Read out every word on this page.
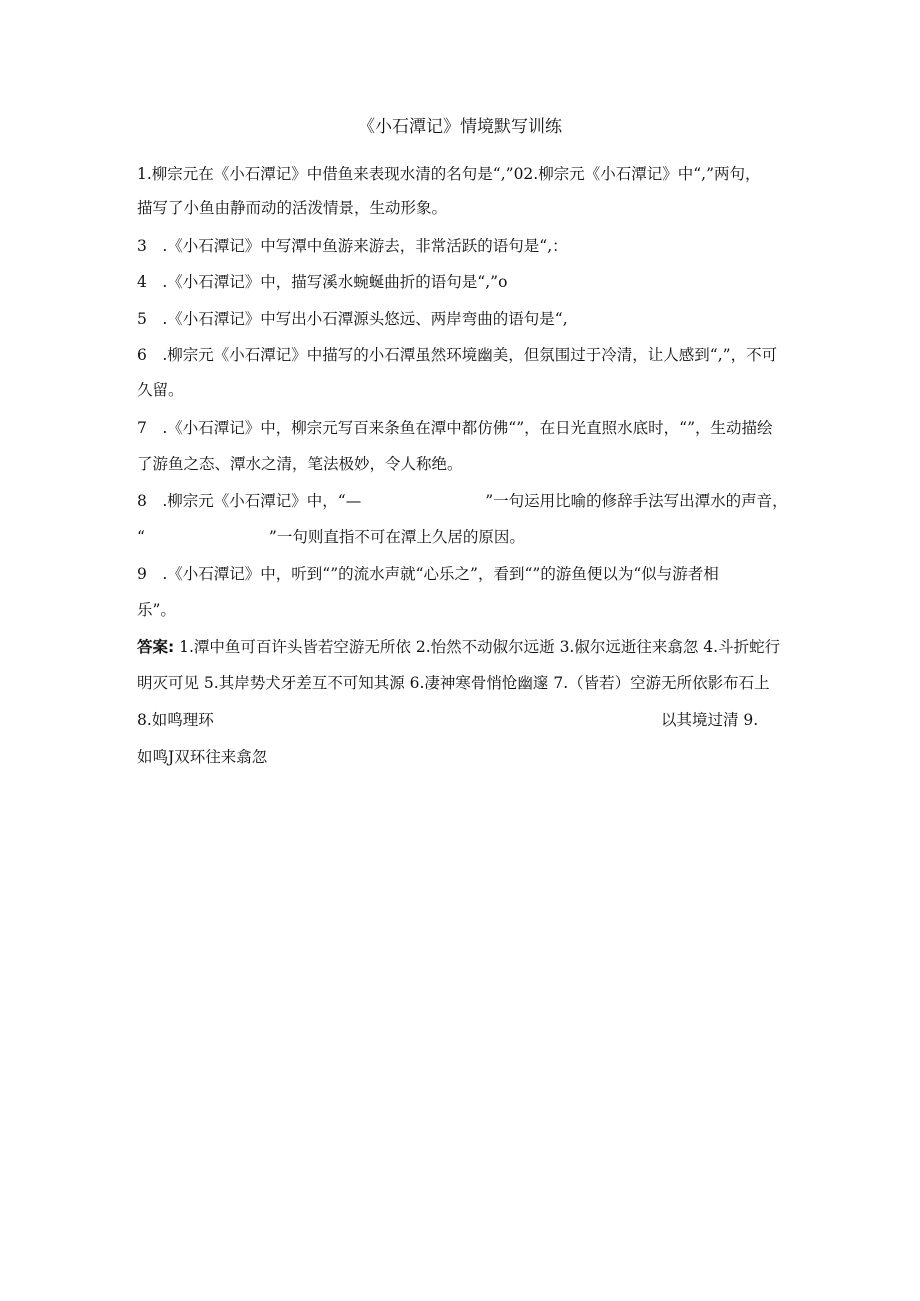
《小石潭记》情境默写训练
1.柳宗元在《小石潭记》中借鱼来表现水清的名句是“,”02.柳宗元《小石潭记》中“,”两句，
描写了小鱼由静而动的活泼情景，生动形象。
3　.《小石潭记》中写潭中鱼游来游去，非常活跃的语句是“,：
4　.《小石潭记》中，描写溪水蜿蜒曲折的语句是“,”o
5　.《小石潭记》中写出小石潭源头悠远、两岸弯曲的语句是“,
6　.柳宗元《小石潭记》中描写的小石潭虽然环境幽美，但氛围过于冷清，让人感到“,”，不可
久留。
7　.《小石潭记》中，柳宗元写百来条鱼在潭中都仿佛“”，在日光直照水底时，“”，生动描绘
了游鱼之态、潭水之清，笔法极妙，令人称绝。
8　.柳宗元《小石潭记》中，“—　　　　　　　　”一句运用比喻的修辞手法写出潭水的声音，
“　　　　　　　　”一句则直指不可在潭上久居的原因。
9　.《小石潭记》中，听到“”的流水声就“心乐之”，看到“”的游鱼便以为“似与游者相
乐”。
答案: 1.潭中鱼可百许头皆若空游无所依 2.怡然不动俶尔远逝 3.俶尔远逝往来翕忽 4.斗折蛇行
明灭可见 5.其岸势犬牙差互不可知其源 6.凄神寒骨悄怆幽邃 7.（皆若）空游无所依影布石上
8.如鸣理环	以其境过清 9.
如鸣J双环往来翕忽
